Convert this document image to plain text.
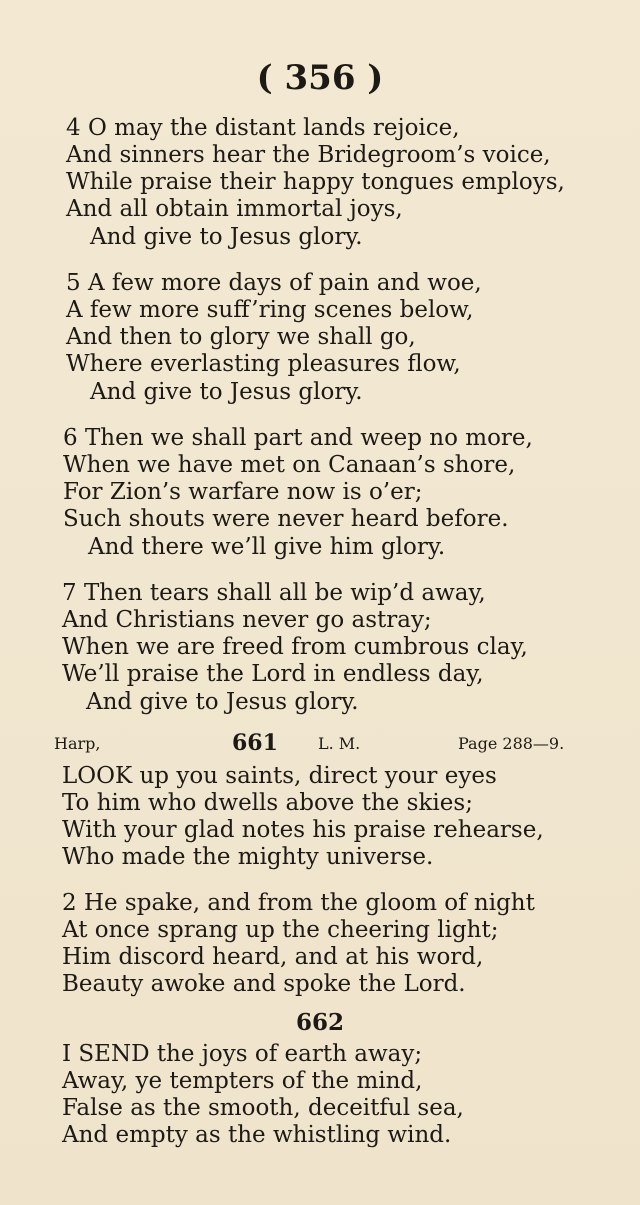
( 356 )
4 O may the distant lands rejoice,
And sinners hear the Bridegroom’s voice,
While praise their happy tongues employs,
And all obtain immortal joys,
And give to Jesus glory.
5 A few more days of pain and woe,
A few more suff’ring scenes below,
And then to glory we shall go,
Where everlasting pleasures flow,
And give to Jesus glory.
6 Then we shall part and weep no more,
When we have met on Canaan’s shore,
For Zion’s warfare now is o’er;
Such shouts were never heard before.
And there we’ll give him glory.
7 Then tears shall all be wip’d away,
And Christians never go astray;
When we are freed from cumbrous clay,
We’ll praise the Lord in endless day,
And give to Jesus glory.
Harp,	661	L. M.	Page 288—9.
LOOK up you saints, direct your eyes
To him who dwells above the skies;
With your glad notes his praise rehearse,
Who made the mighty universe.
2 He spake, and from the gloom of night
At once sprang up the cheering light;
Him discord heard, and at his word,
Beauty awoke and spoke the Lord.
662
I SEND the joys of earth away;
Away, ye tempters of the mind,
False as the smooth, deceitful sea,
And empty as the whistling wind.
